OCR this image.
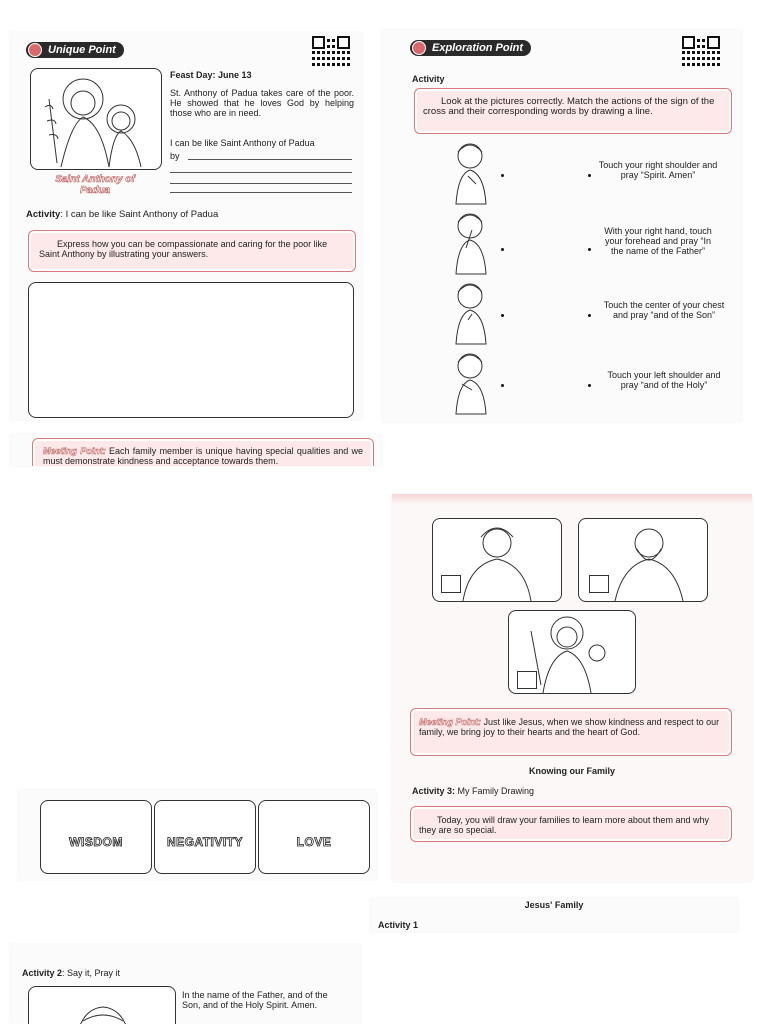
Unique Point
Saint Anthony of Padua
Feast Day: June 13
St. Anthony of Padua takes care of the poor. He showed that he loves God by helping those who are in need.
I can be like Saint Anthony of Padua
by
Activity: I can be like Saint Anthony of Padua
Express how you can be compassionate and caring for the poor like Saint Anthony by illustrating your answers.
Meeting Point: Each family member is unique having special qualities and we must demonstrate kindness and acceptance towards them.
Exploration Point
Activity
Look at the pictures correctly. Match the actions of the sign of the cross and their corresponding words by drawing a line.
Touch your right shoulder and pray “Spirit. Amen”
With your right hand, touch your forehead and pray “In the name of the Father”
Touch the center of your chest and pray “and of the Son”
Touch your left shoulder and pray “and of the Holy”
Meeting Point: Just like Jesus, when we show kindness and respect to our family, we bring joy to their hearts and the heart of God.
Knowing our Family
Activity 3: My Family Drawing
Today, you will draw your families to learn more about them and why they are so special.
WISDOM	NEGATIVITY	LOVE
Jesus' Family
Activity 1
Activity 2: Say it, Pray it
In the name of the Father, and of the Son, and of the Holy Spirit. Amen.
